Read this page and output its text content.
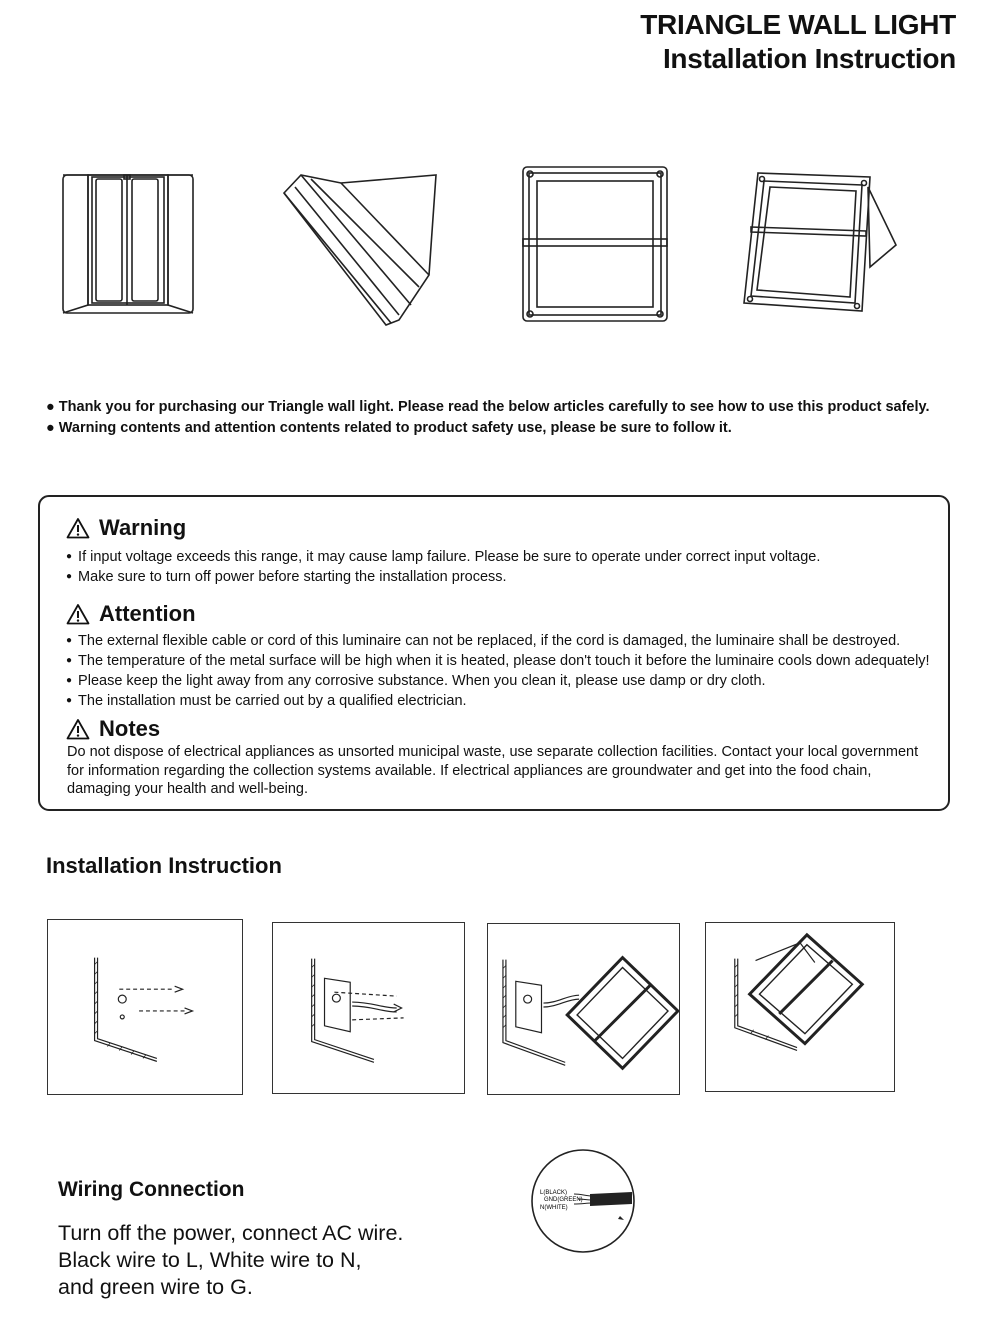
TRIANGLE WALL LIGHT
Installation Instruction
● Thank you for purchasing our Triangle wall light. Please read the below articles carefully to see how to use this product safely.
● Warning contents and attention contents related to product safety use, please be sure to follow it.
Warning
● If input voltage exceeds this range, it may cause lamp failure. Please be sure to operate under correct input voltage.
● Make sure to turn off power before starting the installation process.
Attention
● The external flexible cable or cord of this luminaire can not be replaced, if the cord is damaged, the luminaire shall be destroyed.
● The temperature of the metal surface will be high when it is heated, please don't touch it before the luminaire cools down adequately!
● Please keep the light away from any corrosive substance. When you clean it, please use damp or dry cloth.
● The installation must be carried out by a qualified electrician.
Notes
Do not dispose of electrical appliances as unsorted municipal waste, use separate collection facilities. Contact your local government for information regarding the collection systems available. If electrical appliances are groundwater and get into the food chain, damaging your health and well-being.
Installation Instruction
Wiring Connection
Turn off the power, connect AC wire.
Black wire to L, White wire to N,
and green wire to G.
L(BLACK)
GND(GREEN)
N(WHITE)
